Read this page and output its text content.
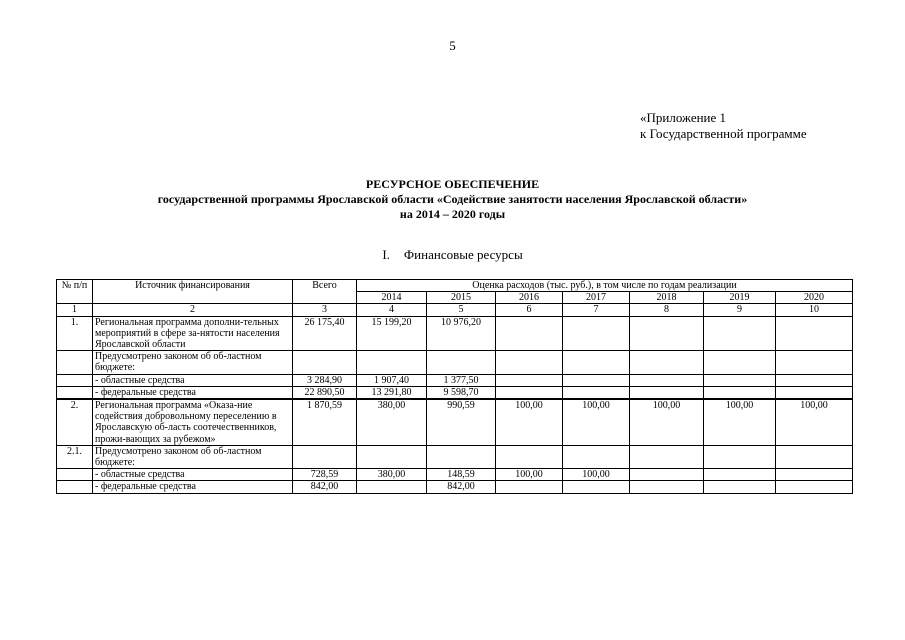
5
«Приложение 1
к Государственной программе
РЕСУРСНОЕ ОБЕСПЕЧЕНИЕ
государственной программы Ярославской области «Содействие занятости населения Ярославской области»
на 2014 – 2020 годы
I. Финансовые ресурсы
№ п/п	Источник финансирования	Всего	Оценка расходов (тыс. руб.), в том числе по годам реализации						
			2014	2015	2016	2017	2018	2019	2020
1	2	3	4	5	6	7	8	9	10
1.	Региональная программа дополни-тельных мероприятий в сфере за-нятости населения Ярославской области	26 175,40	15 199,20	10 976,20					
	Предусмотрено законом об об-ластном бюджете:								
	- областные средства	3 284,90	1 907,40	1 377,50					
	- федеральные средства	22 890,50	13 291,80	9 598,70					
2.	Региональная программа «Оказа-ние содействия добровольному переселению в Ярославскую об-ласть соотечественников, прожи-вающих за рубежом»	1 870,59	380,00	990,59	100,00	100,00	100,00	100,00	100,00
2.1.	Предусмотрено законом об об-ластном бюджете:								
	- областные средства	728,59	380,00	148,59	100,00	100,00			
	- федеральные средства	842,00		842,00					
